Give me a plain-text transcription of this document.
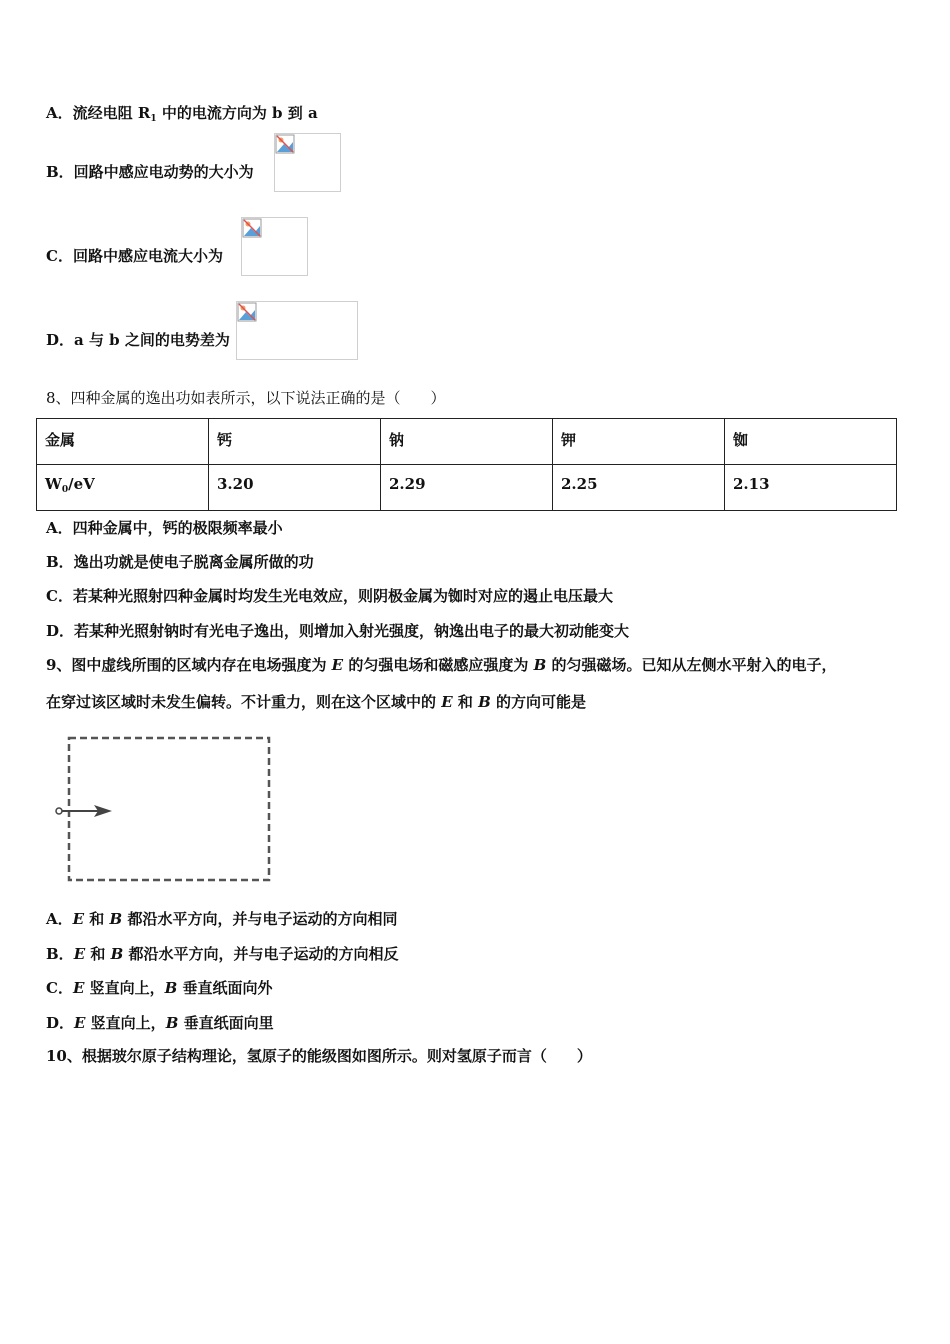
A．流经电阻 $R_1$ 中的电流方向为 b 到 a
B．回路中感应电动势的大小为
C．回路中感应电流大小为
D．a 与 b 之间的电势差为
8、四种金属的逸出功如表所示，以下说法正确的是（　　）
金属	钙	钠	钾	铷
$W_0/eV$	3.20	2.29	2.25	2.13
A．四种金属中，钙的极限频率最小
B．逸出功就是使电子脱离金属所做的功
C．若某种光照射四种金属时均发生光电效应，则阴极金属为铷时对应的遏止电压最大
D．若某种光照射钠时有光电子逸出，则增加入射光强度，钠逸出电子的最大初动能变大
9、图中虚线所围的区域内存在电场强度为 E 的匀强电场和磁感应强度为 B 的匀强磁场。已知从左侧水平射入的电子，
在穿过该区域时未发生偏转。不计重力，则在这个区域中的 E 和 B 的方向可能是
A．E 和 B 都沿水平方向，并与电子运动的方向相同
B．E 和 B 都沿水平方向，并与电子运动的方向相反
C．E 竖直向上，B 垂直纸面向外
D．E 竖直向上，B 垂直纸面向里
10、根据玻尔原子结构理论，氢原子的能级图如图所示。则对氢原子而言（　　）
